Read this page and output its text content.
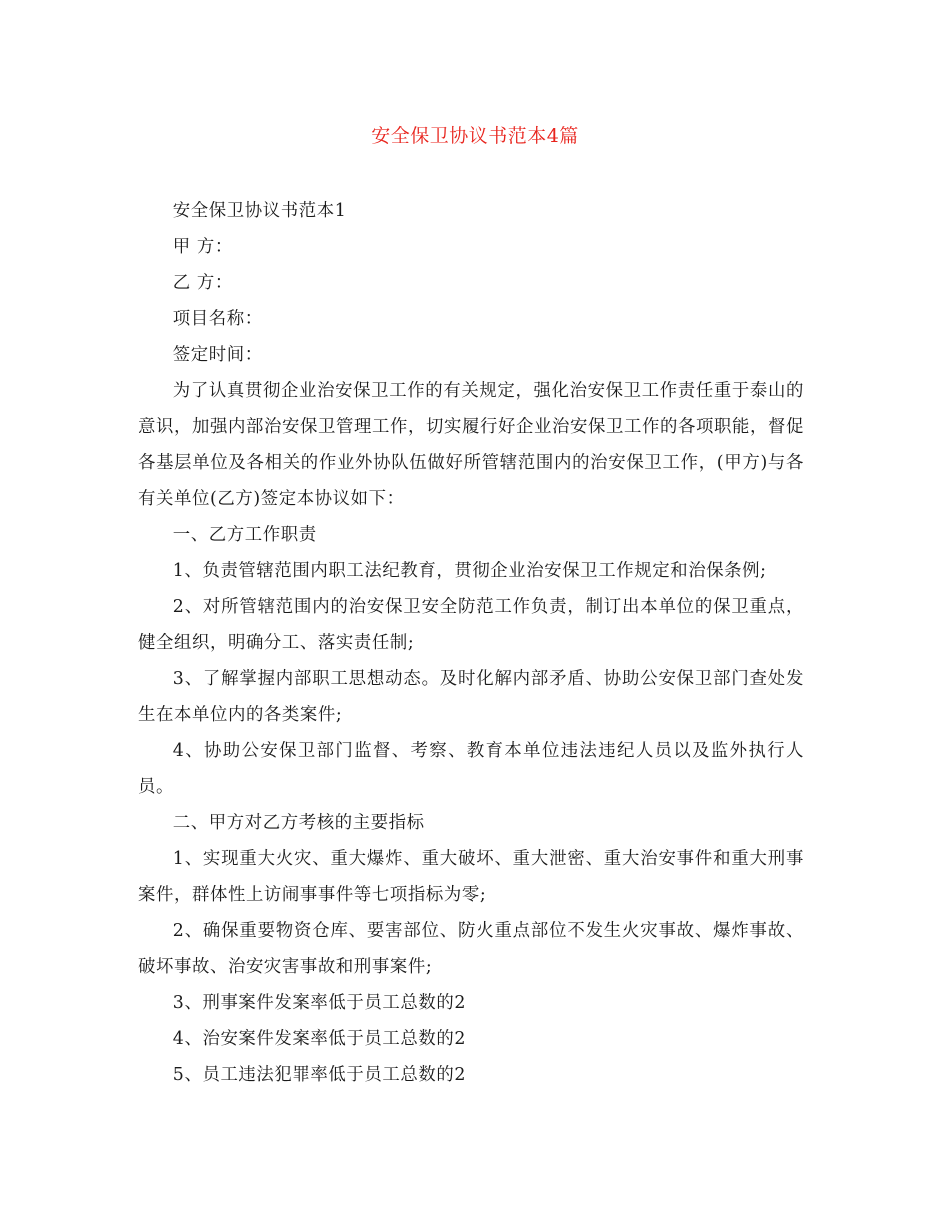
安全保卫协议书范本4篇

安全保卫协议书范本1

甲 方：

乙 方：

项目名称：

签定时间：

为了认真贯彻企业治安保卫工作的有关规定，强化治安保卫工作责任重于泰山的意识，加强内部治安保卫管理工作，切实履行好企业治安保卫工作的各项职能，督促各基层单位及各相关的作业外协队伍做好所管辖范围内的治安保卫工作，(甲方)与各有关单位(乙方)签定本协议如下：

一、乙方工作职责

1、负责管辖范围内职工法纪教育，贯彻企业治安保卫工作规定和治保条例;

2、对所管辖范围内的治安保卫安全防范工作负责，制订出本单位的保卫重点，健全组织，明确分工、落实责任制;

3、了解掌握内部职工思想动态。及时化解内部矛盾、协助公安保卫部门查处发生在本单位内的各类案件;

4、协助公安保卫部门监督、考察、教育本单位违法违纪人员以及监外执行人员。

二、甲方对乙方考核的主要指标

1、实现重大火灾、重大爆炸、重大破坏、重大泄密、重大治安事件和重大刑事案件，群体性上访闹事事件等七项指标为零;

2、确保重要物资仓库、要害部位、防火重点部位不发生火灾事故、爆炸事故、破坏事故、治安灾害事故和刑事案件;

3、刑事案件发案率低于员工总数的2

4、治安案件发案率低于员工总数的2

5、员工违法犯罪率低于员工总数的2
